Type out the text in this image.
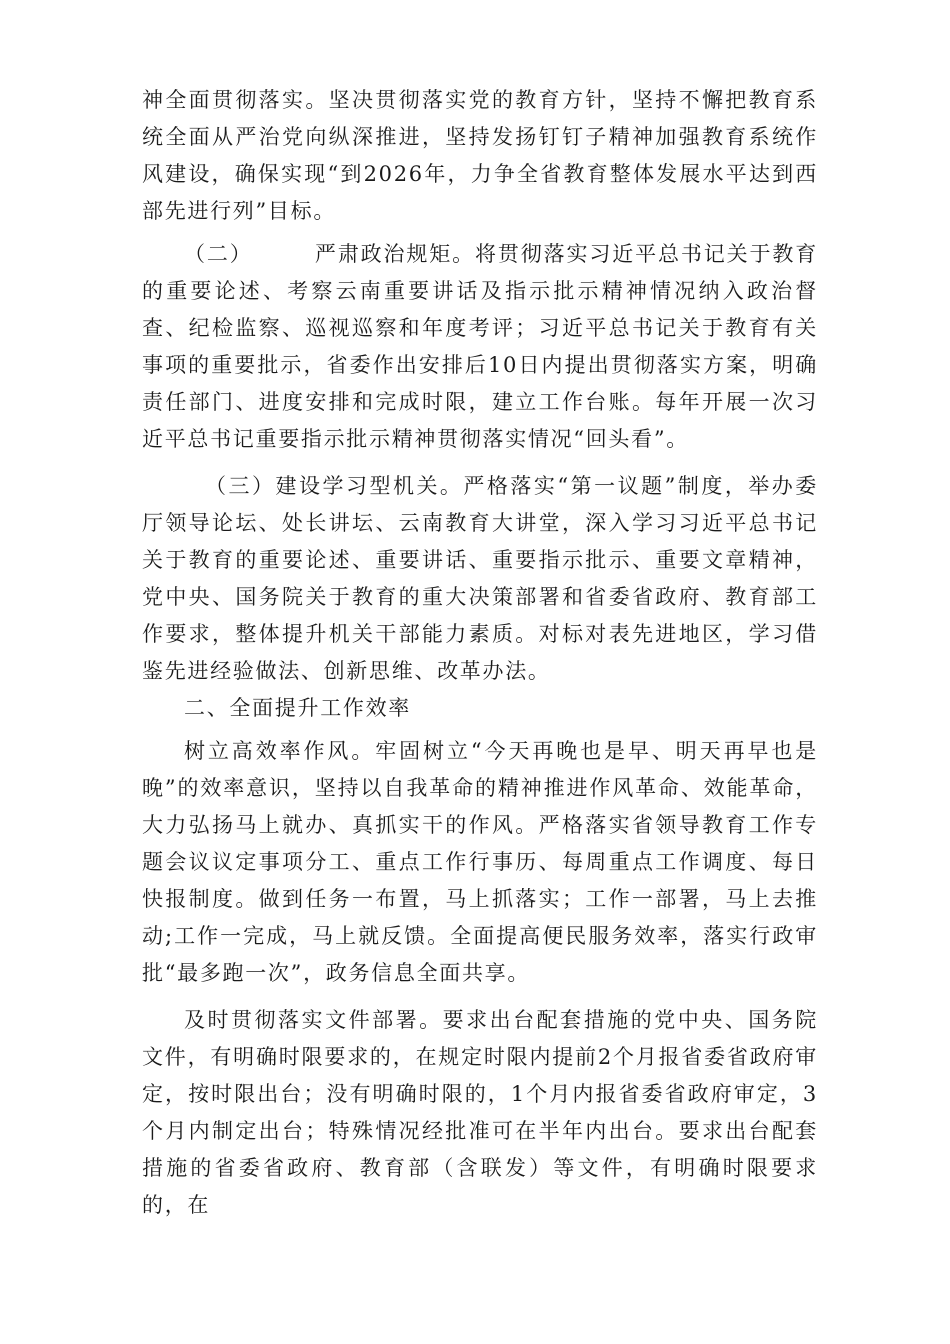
神全面贯彻落实。坚决贯彻落实党的教育方针，坚持不懈把教育系统全面从严治党向纵深推进，坚持发扬钉钉子精神加强教育系统作风建设，确保实现“到2026年，力争全省教育整体发展水平达到西部先进行列”目标。

（二）	严肃政治规矩。将贯彻落实习近平总书记关于教育的重要论述、考察云南重要讲话及指示批示精神情况纳入政治督查、纪检监察、巡视巡察和年度考评；习近平总书记关于教育有关事项的重要批示，省委作出安排后10日内提出贯彻落实方案，明确责任部门、进度安排和完成时限，建立工作台账。每年开展一次习近平总书记重要指示批示精神贯彻落实情况“回头看”。

（三）建设学习型机关。严格落实“第一议题”制度，举办委厅领导论坛、处长讲坛、云南教育大讲堂，深入学习习近平总书记关于教育的重要论述、重要讲话、重要指示批示、重要文章精神，党中央、国务院关于教育的重大决策部署和省委省政府、教育部工作要求，整体提升机关干部能力素质。对标对表先进地区，学习借鉴先进经验做法、创新思维、改革办法。

二、全面提升工作效率

树立高效率作风。牢固树立“今天再晚也是早、明天再早也是晚”的效率意识，坚持以自我革命的精神推进作风革命、效能革命，大力弘扬马上就办、真抓实干的作风。严格落实省领导教育工作专题会议议定事项分工、重点工作行事历、每周重点工作调度、每日快报制度。做到任务一布置，马上抓落实；工作一部署，马上去推动;工作一完成，马上就反馈。全面提高便民服务效率，落实行政审批“最多跑一次”，政务信息全面共享。

及时贯彻落实文件部署。要求出台配套措施的党中央、国务院文件，有明确时限要求的，在规定时限内提前2个月报省委省政府审定，按时限出台；没有明确时限的，1个月内报省委省政府审定，3个月内制定出台；特殊情况经批准可在半年内出台。要求出台配套措施的省委省政府、教育部（含联发）等文件，有明确时限要求的，在
